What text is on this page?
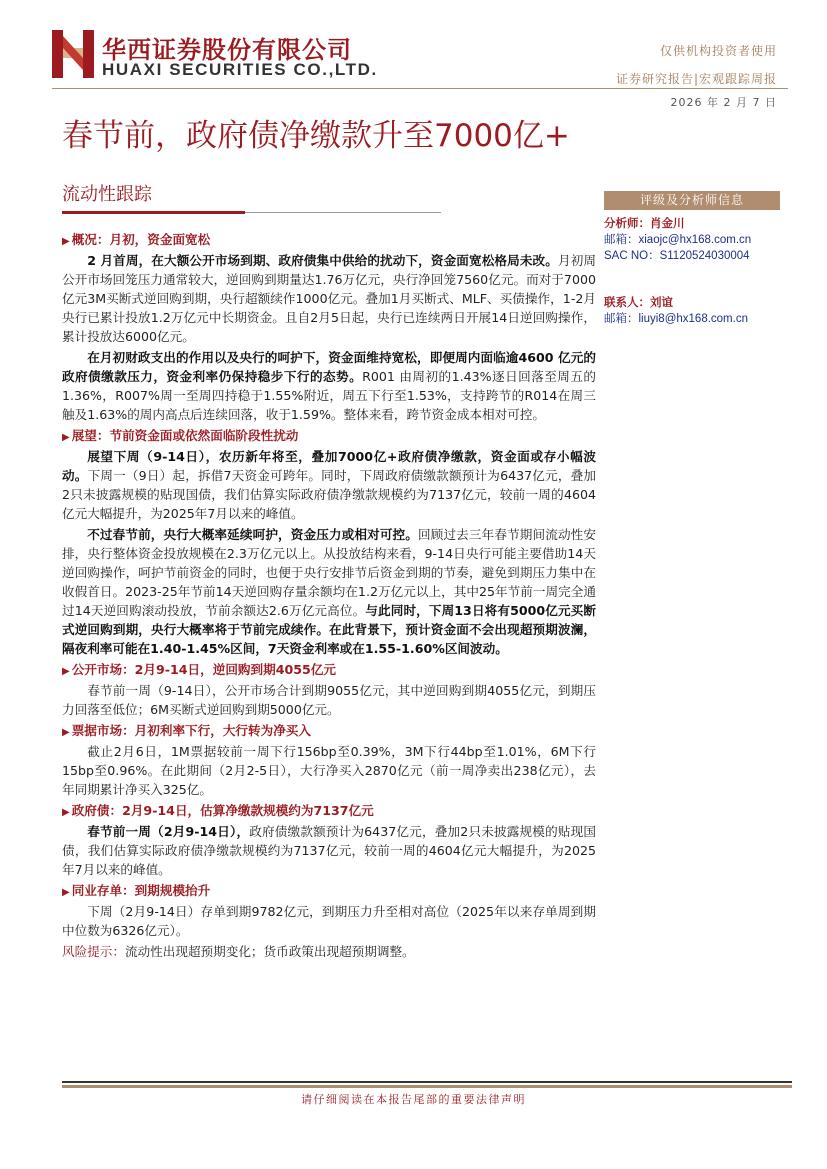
华西证券股份有限公司
HUAXI SECURITIES CO.,LTD.
仅供机构投资者使用
证券研究报告|宏观跟踪周报
2026 年 2 月 7 日
春节前，政府债净缴款升至7000亿+
流动性跟踪	评级及分析师信息
分析师：肖金川
邮箱：xiaojc@hx168.com.cn
SAC NO：S1120524030004
联系人：刘谊
邮箱：liuyi8@hx168.com.cn

▶ 概况：月初，资金面宽松

2 月首周，在大额公开市场到期、政府债集中供给的扰动下，资金面宽松格局未改。月初周公开市场回笼压力通常较大，逆回购到期量达1.76万亿元，央行净回笼7560亿元。而对于7000亿元3M买断式逆回购到期，央行超额续作1000亿元。叠加1月买断式、MLF、买债操作，1-2月央行已累计投放1.2万亿元中长期资金。且自2月5日起，央行已连续两日开展14日逆回购操作，累计投放达6000亿元。

在月初财政支出的作用以及央行的呵护下，资金面维持宽松，即便周内面临逾4600 亿元的政府债缴款压力，资金利率仍保持稳步下行的态势。R001 由周初的1.43%逐日回落至周五的1.36%，R007%周一至周四持稳于1.55%附近，周五下行至1.53%，支持跨节的R014在周三触及1.63%的周内高点后连续回落，收于1.59%。整体来看，跨节资金成本相对可控。

▶ 展望：节前资金面或依然面临阶段性扰动

展望下周（9-14日），农历新年将至，叠加7000亿+政府债净缴款，资金面或存小幅波动。下周一（9日）起，拆借7天资金可跨年。同时，下周政府债缴款额预计为6437亿元，叠加2只未披露规模的贴现国债，我们估算实际政府债净缴款规模约为7137亿元，较前一周的4604亿元大幅提升，为2025年7月以来的峰值。

不过春节前，央行大概率延续呵护，资金压力或相对可控。回顾过去三年春节期间流动性安排，央行整体资金投放规模在2.3万亿元以上。从投放结构来看，9-14日央行可能主要借助14天逆回购操作，呵护节前资金的同时，也便于央行安排节后资金到期的节奏，避免到期压力集中在收假首日。2023-25年节前14天逆回购存量余额均在1.2万亿元以上，其中25年节前一周完全通过14天逆回购滚动投放，节前余额达2.6万亿元高位。与此同时，下周13日将有5000亿元买断式逆回购到期，央行大概率将于节前完成续作。在此背景下，预计资金面不会出现超预期波澜，隔夜利率可能在1.40-1.45%区间，7天资金利率或在1.55-1.60%区间波动。

▶ 公开市场：2月9-14日，逆回购到期4055亿元

春节前一周（9-14日），公开市场合计到期9055亿元，其中逆回购到期4055亿元，到期压力回落至低位；6M买断式逆回购到期5000亿元。

▶ 票据市场：月初利率下行，大行转为净买入

截止2月6日，1M票据较前一周下行156bp至0.39%，3M下行44bp至1.01%，6M下行15bp至0.96%。在此期间（2月2-5日），大行净买入2870亿元（前一周净卖出238亿元），去年同期累计净买入325亿。

▶ 政府债：2月9-14日，估算净缴款规模约为7137亿元

春节前一周（2月9-14日），政府债缴款额预计为6437亿元，叠加2只未披露规模的贴现国债，我们估算实际政府债净缴款规模约为7137亿元，较前一周的4604亿元大幅提升，为2025年7月以来的峰值。

▶ 同业存单：到期规模抬升

下周（2月9-14日）存单到期9782亿元，到期压力升至相对高位（2025年以来存单周到期中位数为6326亿元）。

风险提示：流动性出现超预期变化；货币政策出现超预期调整。

请仔细阅读在本报告尾部的重要法律声明
